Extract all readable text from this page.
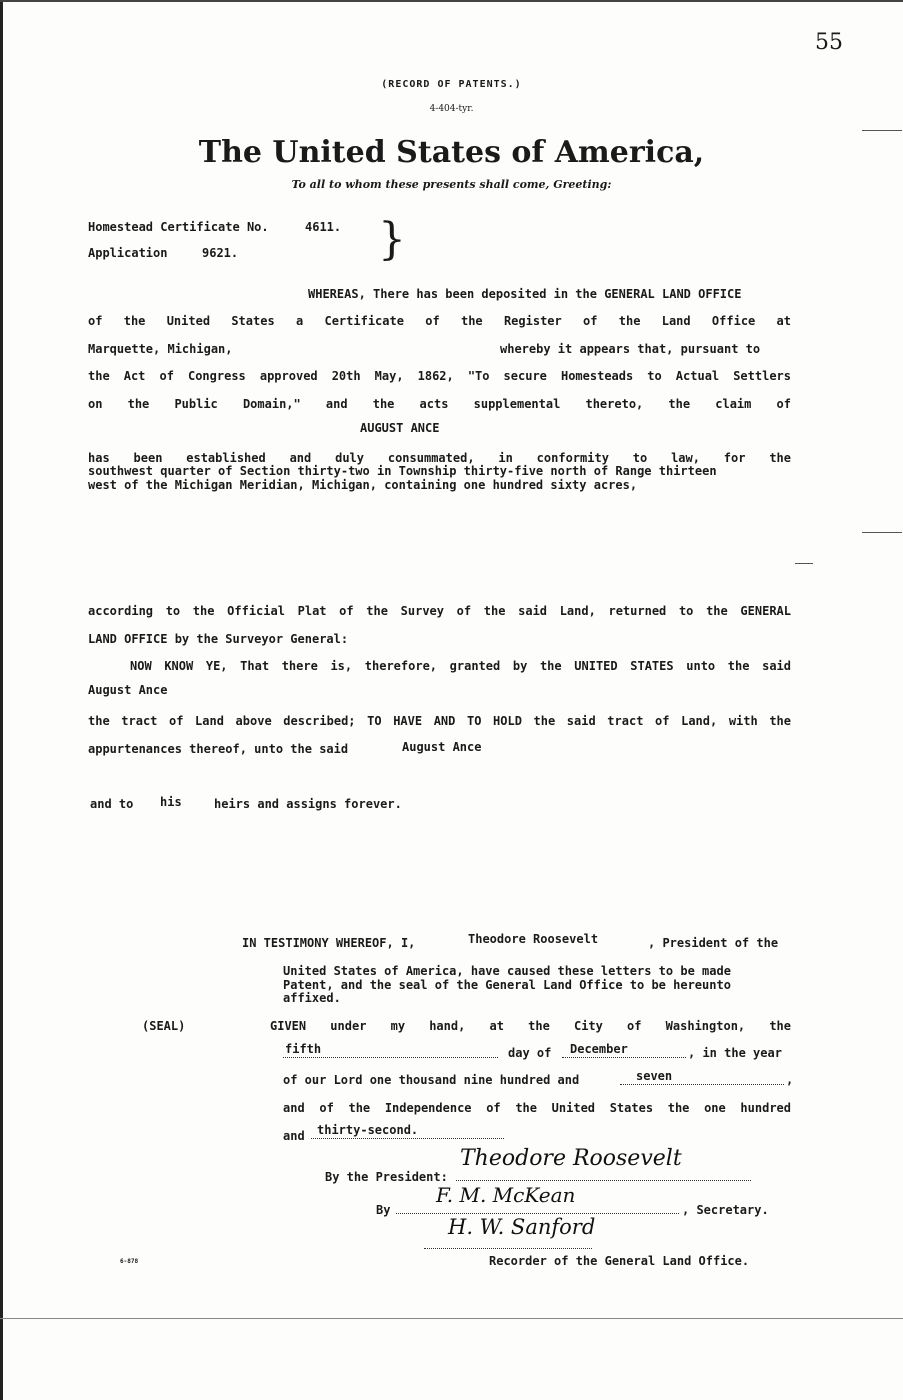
55
(RECORD OF PATENTS.)
4-404-tyr.
The United States of America,
To all to whom these presents shall come, Greeting:
Homestead Certificate No.	4611.
Application	9621.	}
WHEREAS, There has been deposited in the GENERAL LAND OFFICE
of the United States a Certificate of the Register of the Land Office at
Marquette, Michigan,	whereby it appears that, pursuant to
the Act of Congress approved 20th May, 1862, "To secure Homesteads to Actual Settlers
on the Public Domain," and the acts supplemental thereto, the claim of
AUGUST ANCE
has been established and duly consummated, in conformity to law, for the
southwest quarter of Section thirty-two in Township thirty-five north of Range thirteen
west of the Michigan Meridian, Michigan, containing one hundred sixty acres,
according to the Official Plat of the Survey of the said Land, returned to the GENERAL
LAND OFFICE by the Surveyor General:
NOW KNOW YE, That there is, therefore, granted by the UNITED STATES unto the said
August Ance
the tract of Land above described; TO HAVE AND TO HOLD the said tract of Land, with the
appurtenances thereof, unto the said	August Ance
and to his	heirs and assigns forever.
IN TESTIMONY WHEREOF, I,	Theodore Roosevelt	, President of the
United States of America, have caused these letters to be made
Patent, and the seal of the General Land Office to be hereunto
affixed.
(SEAL)	GIVEN under my hand, at the City of Washington, the
fifth	day of December	, in the year
of our Lord one thousand nine hundred and	seven	,
and of the Independence of the United States the one hundred
and thirty-second.
By the President:
Theodore Roosevelt
By
F. M. McKean
, Secretary.
H. W. Sanford
Recorder of the General Land Office.
6-878
